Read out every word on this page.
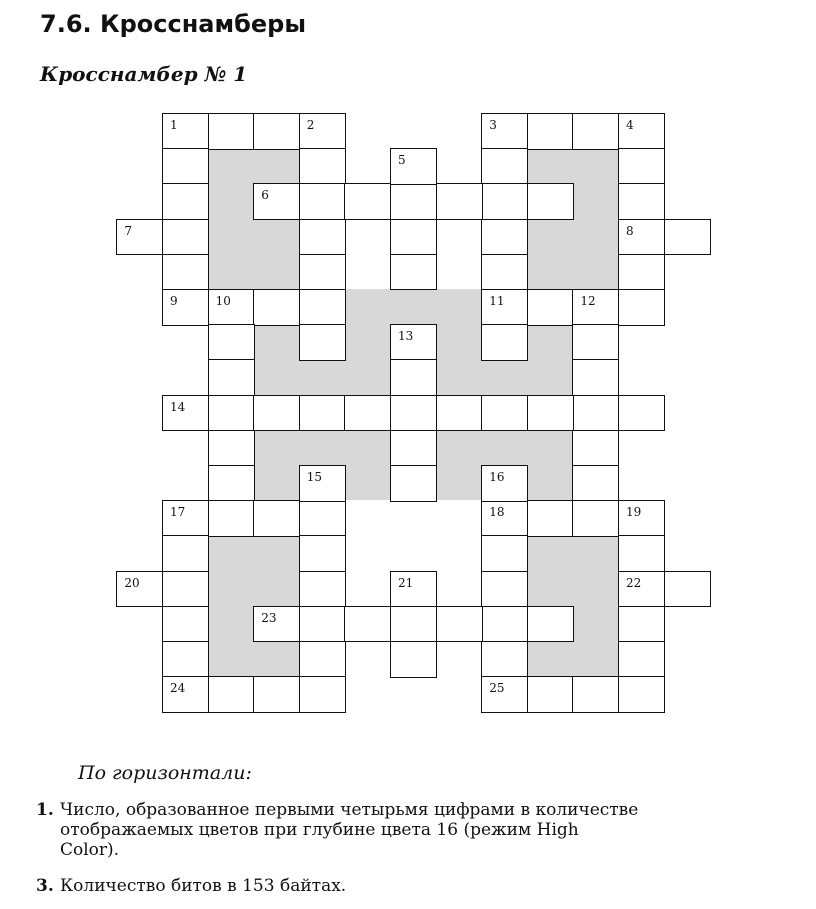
7.6. Кросснамберы
Кросснамбер № 1
1	2	3	4
5
6
7	8
9	10	11	12
13
14
15	16
17	18	19
20	21	22
23
24	25
По горизонтали:
1. Число, образованное первыми четырьмя цифрами в количестве
отображаемых цветов при глубине цвета 16 (режим High
Color).
3. Количество битов в 153 байтах.
